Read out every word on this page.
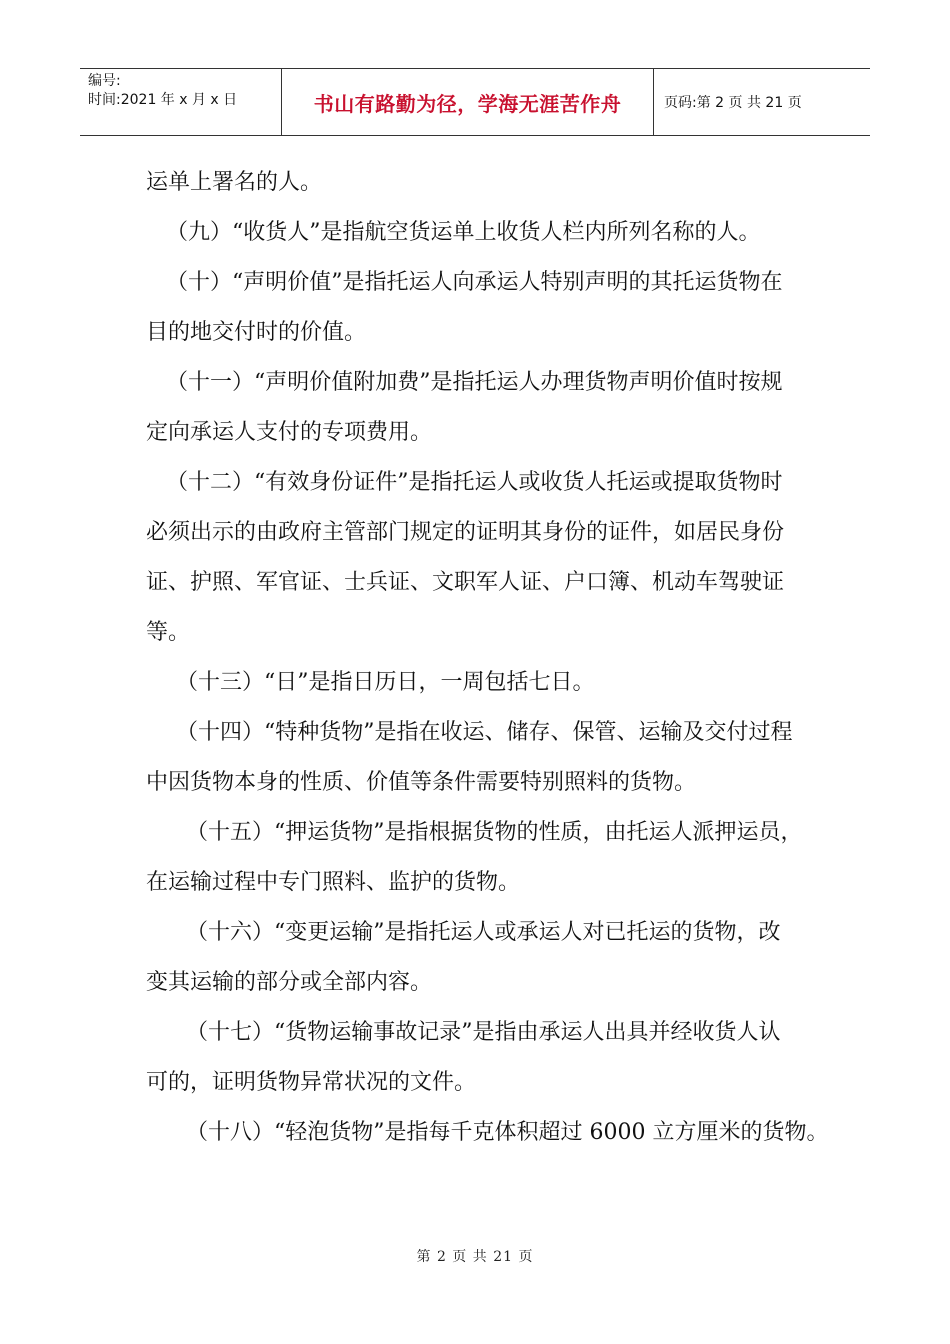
编号:
时间:2021 年 x 月 x 日	书山有路勤为径，学海无涯苦作舟	页码:第 2 页 共 21 页
运单上署名的人。
（九）“收货人”是指航空货运单上收货人栏内所列名称的人。
（十）“声明价值”是指托运人向承运人特别声明的其托运货物在
目的地交付时的价值。
（十一）“声明价值附加费”是指托运人办理货物声明价值时按规
定向承运人支付的专项费用。
（十二）“有效身份证件”是指托运人或收货人托运或提取货物时
必须出示的由政府主管部门规定的证明其身份的证件，如居民身份
证、护照、军官证、士兵证、文职军人证、户口簿、机动车驾驶证
等。
（十三）“日”是指日历日，一周包括七日。
（十四）“特种货物”是指在收运、储存、保管、运输及交付过程
中因货物本身的性质、价值等条件需要特别照料的货物。
（十五）“押运货物”是指根据货物的性质，由托运人派押运员，
在运输过程中专门照料、监护的货物。
（十六）“变更运输”是指托运人或承运人对已托运的货物，改
变其运输的部分或全部内容。
（十七）“货物运输事故记录”是指由承运人出具并经收货人认
可的，证明货物异常状况的文件。
（十八）“轻泡货物”是指每千克体积超过 6000 立方厘米的货物。
第 2 页 共 21 页
